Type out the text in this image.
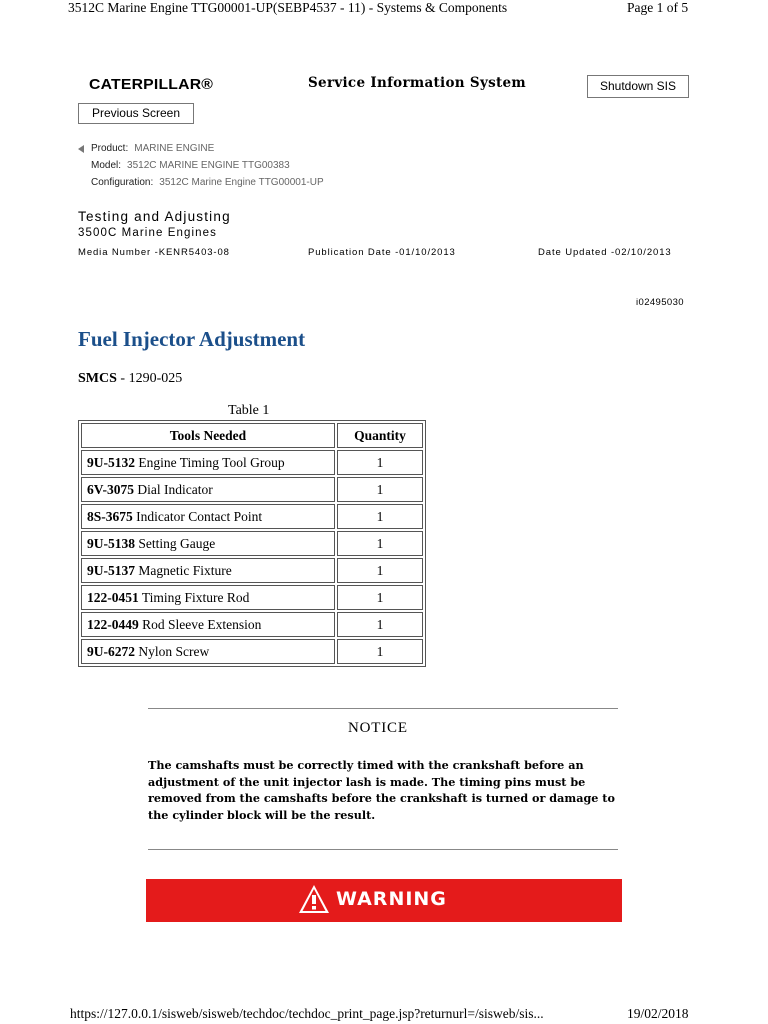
3512C Marine Engine TTG00001-UP(SEBP4537 - 11) - Systems & Components	Page 1 of 5
CATERPILLAR®	Service Information System	Shutdown SIS
Previous Screen
Product: MARINE ENGINE
Model: 3512C MARINE ENGINE TTG00383
Configuration: 3512C Marine Engine TTG00001-UP
Testing and Adjusting
3500C Marine Engines
Media Number -KENR5403-08	Publication Date -01/10/2013	Date Updated -02/10/2013
i02495030
Fuel Injector Adjustment
SMCS - 1290-025
Table 1
Tools Needed	Quantity
9U-5132 Engine Timing Tool Group	1
6V-3075 Dial Indicator	1
8S-3675 Indicator Contact Point	1
9U-5138 Setting Gauge	1
9U-5137 Magnetic Fixture	1
122-0451 Timing Fixture Rod	1
122-0449 Rod Sleeve Extension	1
9U-6272 Nylon Screw	1
NOTICE
The camshafts must be correctly timed with the crankshaft before an adjustment of the unit injector lash is made. The timing pins must be removed from the camshafts before the crankshaft is turned or damage to the cylinder block will be the result.
WARNING
https://127.0.0.1/sisweb/sisweb/techdoc/techdoc_print_page.jsp?returnurl=/sisweb/sis...	19/02/2018
